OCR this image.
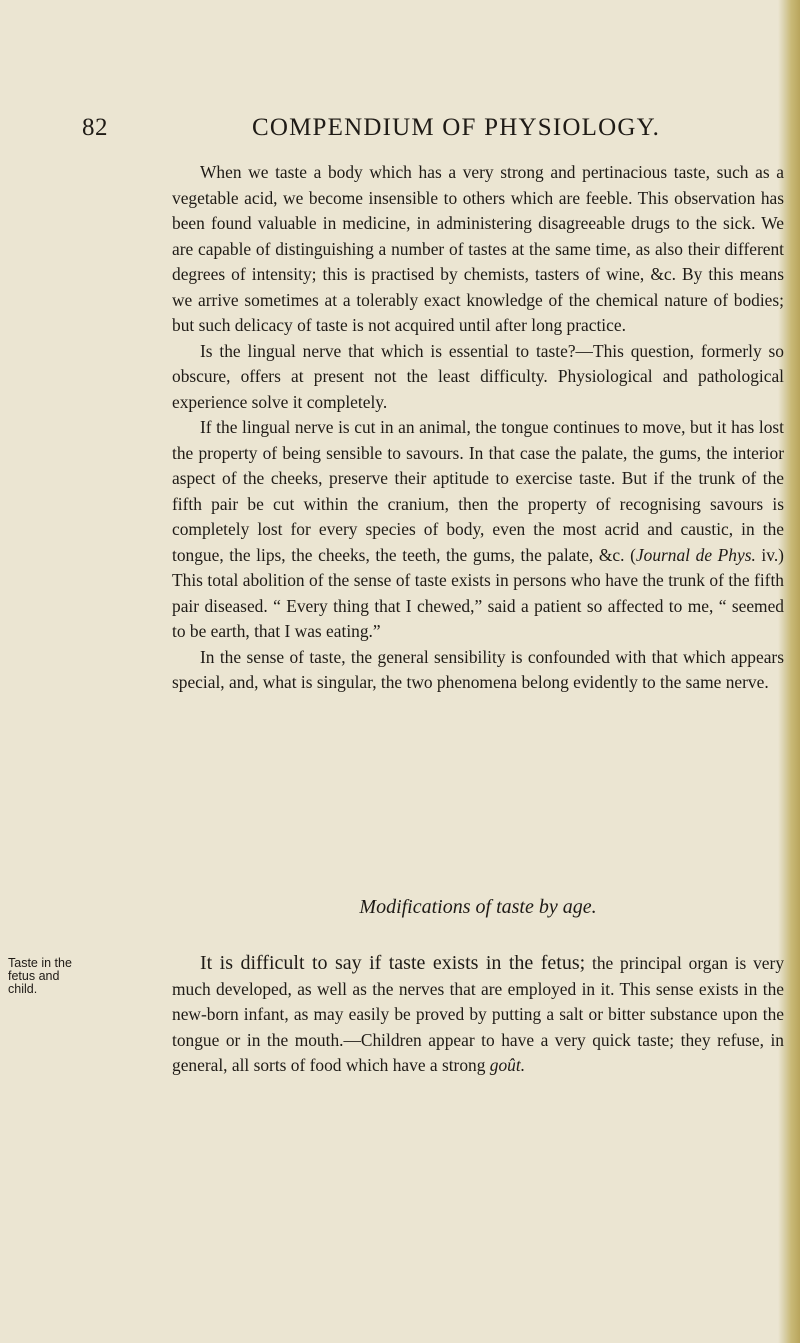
82	COMPENDIUM OF PHYSIOLOGY.

When we taste a body which has a very strong and pertinacious taste, such as a vegetable acid, we become insensible to others which are feeble. This observation has been found valuable in medicine, in administering disagreeable drugs to the sick. We are capable of distinguishing a number of tastes at the same time, as also their different degrees of intensity; this is practised by chemists, tasters of wine, &c. By this means we arrive sometimes at a tolerably exact knowledge of the chemical nature of bodies; but such delicacy of taste is not acquired until after long practice.

Is the lingual nerve that which is essential to taste?—This question, formerly so obscure, offers at present not the least difficulty. Physiological and pathological experience solve it completely.

If the lingual nerve is cut in an animal, the tongue continues to move, but it has lost the property of being sensible to savours. In that case the palate, the gums, the interior aspect of the cheeks, preserve their aptitude to exercise taste. But if the trunk of the fifth pair be cut within the cranium, then the property of recognising savours is completely lost for every species of body, even the most acrid and caustic, in the tongue, the lips, the cheeks, the teeth, the gums, the palate, &c. (Journal de Phys. iv.) This total abolition of the sense of taste exists in persons who have the trunk of the fifth pair diseased. “ Every thing that I chewed,” said a patient so affected to me, “ seemed to be earth, that I was eating.”

In the sense of taste, the general sensibility is confounded with that which appears special, and, what is singular, the two phenomena belong evidently to the same nerve.

Modifications of taste by age.
Taste in the fetus and child.

It is difficult to say if taste exists in the fetus; the principal organ is very much developed, as well as the nerves that are employed in it. This sense exists in the new-born infant, as may easily be proved by putting a salt or bitter substance upon the tongue or in the mouth.—Children appear to have a very quick taste; they refuse, in general, all sorts of food which have a strong goût.
